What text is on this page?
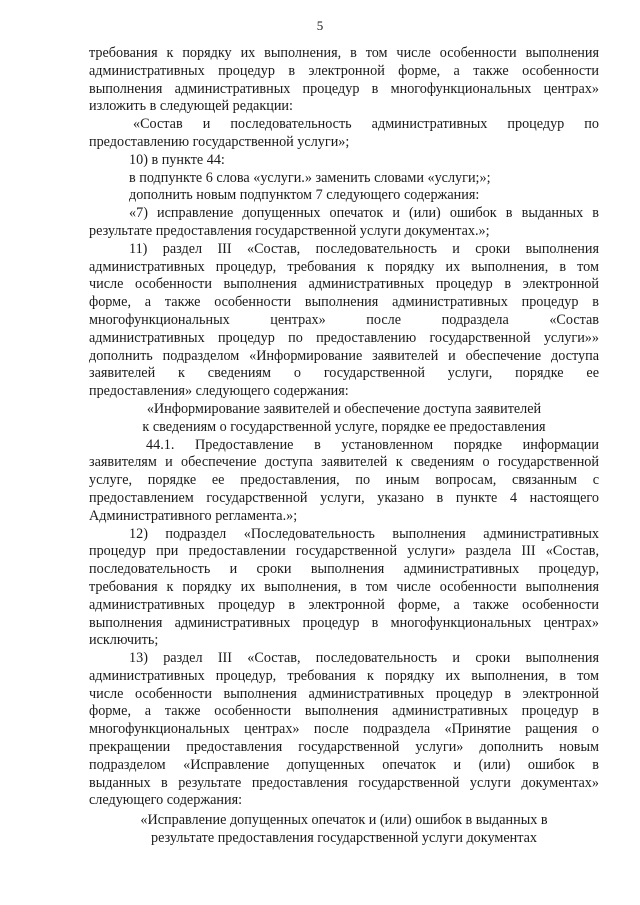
5

требования к порядку их выполнения, в том числе особенности выполнения

административных процедур в электронной форме, а также особенности

выполнения административных процедур в многофункциональных центрах»

изложить в следующей редакции:

«Состав и последовательность административных процедур по

предоставлению государственной услуги»;

10) в пункте 44:

в подпункте 6 слова «услуги.» заменить словами «услуги;»;

дополнить новым подпунктом 7 следующего содержания:

«7) исправление допущенных опечаток и (или) ошибок в выданных в

результате предоставления государственной услуги документах.»;

11) раздел III «Состав, последовательность и сроки выполнения

административных процедур, требования к порядку их выполнения, в том

числе особенности выполнения административных процедур в электронной

форме, а также особенности выполнения административных процедур в

многофункциональных центрах» после подраздела «Состав

административных процедур по предоставлению государственной услуги»»

дополнить подразделом «Информирование заявителей и обеспечение доступа

заявителей к сведениям о государственной услуги, порядке ее

предоставления» следующего содержания:

«Информирование заявителей и обеспечение доступа заявителей

к сведениям о государственной услуге, порядке ее предоставления

44.1. Предоставление в установленном порядке информации

заявителям и обеспечение доступа заявителей к сведениям о государственной

услуге, порядке ее предоставления, по иным вопросам, связанным с

предоставлением государственной услуги, указано в пункте 4 настоящего

Административного регламента.»;

12) подраздел «Последовательность выполнения административных

процедур при предоставлении государственной услуги» раздела III «Состав,

последовательность и сроки выполнения административных процедур,

требования к порядку их выполнения, в том числе особенности выполнения

административных процедур в электронной форме, а также особенности

выполнения административных процедур в многофункциональных центрах»

исключить;

13) раздел III «Состав, последовательность и сроки выполнения

административных процедур, требования к порядку их выполнения, в том

числе особенности выполнения административных процедур в электронной

форме, а также особенности выполнения административных процедур в

многофункциональных центрах» после подраздела «Принятие ращения о

прекращении предоставления государственной услуги» дополнить новым

подразделом «Исправление допущенных опечаток и (или) ошибок в

выданных в результате предоставления государственной услуги документах»

следующего содержания:

«Исправление допущенных опечаток и (или) ошибок в выданных в

результате предоставления государственной услуги документах
